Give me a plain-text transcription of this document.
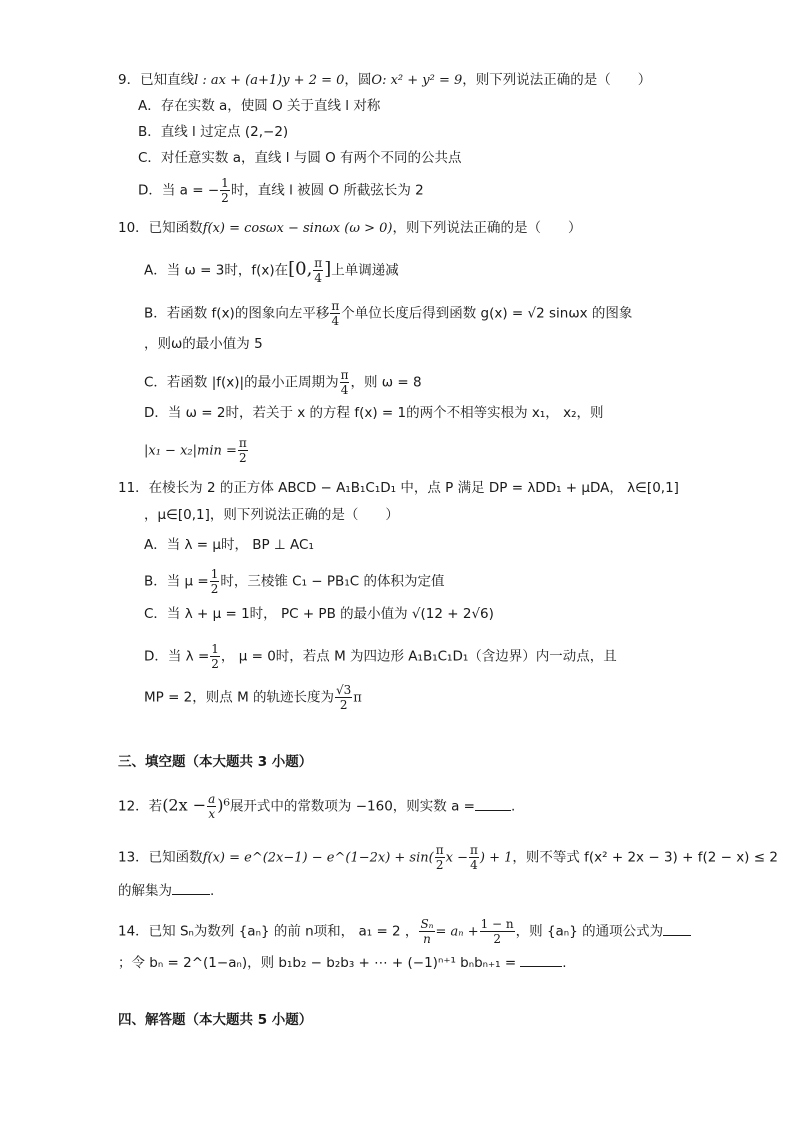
9．已知直线l : ax + (a+1)y + 2 = 0，圆O: x² + y² = 9，则下列说法正确的是（　　）
A．存在实数 a，使圆 O 关于直线 l 对称
B．直线 l 过定点 (2,−2)
C．对任意实数 a，直线 l 与圆 O 有两个不同的公共点
D．当 a = − $\frac{1}{2}$ 时，直线 l 被圆 O 所截弦长为 2
10．已知函数f(x) = cosωx − sinωx (ω > 0)，则下列说法正确的是（　　）
A．当 ω = 3时，f(x)在[0, $\frac{\pi}{4}$ ]上单调递减
B．若函数 f(x)的图象向左平移 $\frac{\pi}{4}$ 个单位长度后得到函数 g(x) = √2 sinωx 的图象
，则ω的最小值为 5
C．若函数 |f(x)|的最小正周期为 $\frac{\pi}{4}$ ，则 ω = 8
D．当 ω = 2时，若关于 x 的方程 f(x) = 1的两个不相等实根为 x₁， x₂，则
$|x_1 - x_2|\min = \frac{\pi}{2}$
11．在棱长为 2 的正方体 ABCD − A₁B₁C₁D₁ 中，点 P 满足 DP = λDD₁ + μDA， λ∈[0,1]
，μ∈[0,1]，则下列说法正确的是（　　）
A．当 λ = μ时， BP ⊥ AC₁
B．当 $\mu = \frac{1}{2}$ 时，三棱锥 C₁ − PB₁C 的体积为定值
C．当 λ + μ = 1时， PC + PB 的最小值为 √(12 + 2√6)
D．当 $\lambda = \frac{1}{2}$ ， μ = 0时，若点 M 为四边形 A₁B₁C₁D₁（含边界）内一动点，且
MP = 2，则点 M 的轨迹长度为 $\frac{√3}{2}$ π
三、填空题（本大题共 3 小题）
12．若$(2x - \frac{a}{x} )^6$展开式中的常数项为 −160，则实数 a =	.
13．已知函数f(x) = e^(2x−1) − e^(1−2x) + $\sin( \frac{\pi}{2}$ $x - \frac{\pi}{4}$ ) + 1，则不等式 f(x² + 2x − 3) + f(2 − x) ≤ 2
的解集为	.
14．已知 Sₙ为数列 {aₙ} 的前 n项和， a₁ = 2 ， $\frac{\text{Sₙ}}{n} = a_n + \frac{1 - n}{2}$ ，则 {aₙ} 的通项公式为
；令 bₙ = 2^(1−aₙ)，则 b₁b₂ − b₂b₃ + ⋯ + (−1)ⁿ⁺¹ bₙbₙ₊₁ =	.
四、解答题（本大题共 5 小题）
